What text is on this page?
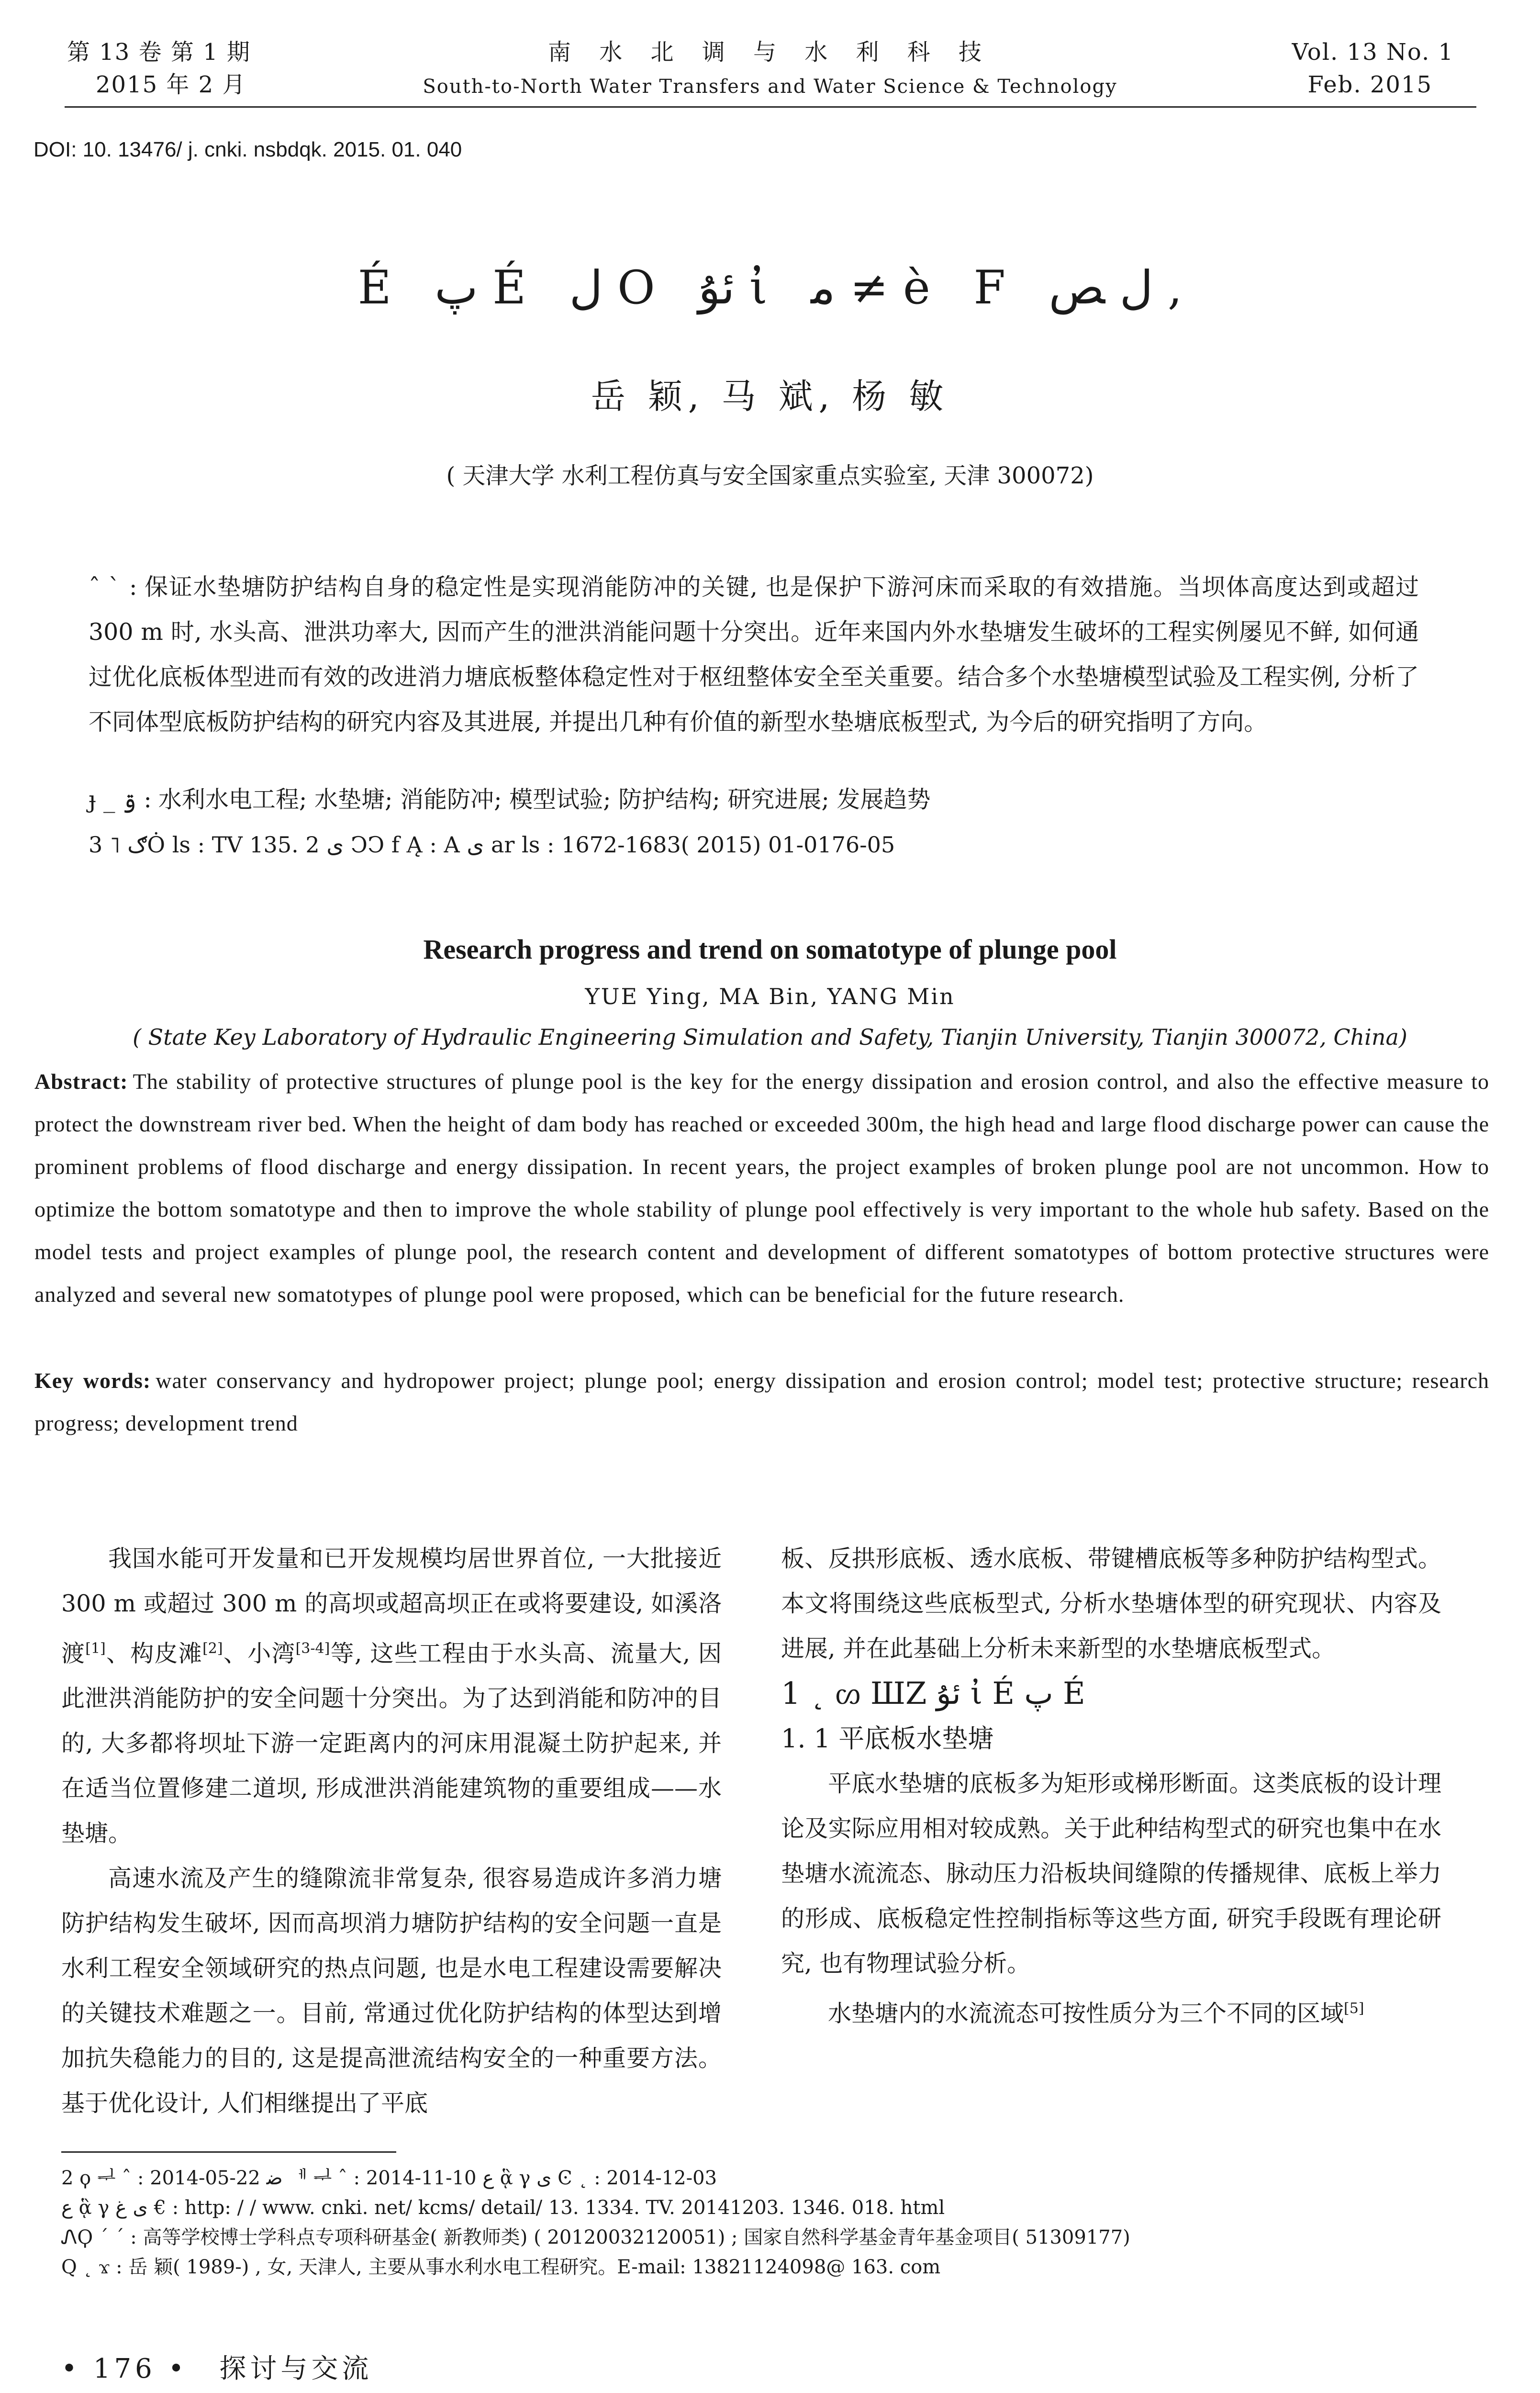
第 13 卷 第 1 期
2015 年 2 月
南 水 北 调 与 水 利 科 技
South-to-North Water Transfers and Water Science & Technology
Vol. 13 No. 1
Feb. 2015
DOI: 10. 13476/ j. cnki. nsbdqk. 2015. 01. 040
É پ É ل O ئۇ ἰ ﻣ ≠ è F ﻝ ﺺ ,
岳 颖, 马 斌, 杨 敏
( 天津大学 水利工程仿真与安全国家重点实验室, 天津 300072)
ˆ ˋ : 保证水垫塘防护结构自身的稳定性是实现消能防冲的关键, 也是保护下游河床而采取的有效措施。当坝体高度达到或超过 300 m 时, 水头高、泄洪功率大, 因而产生的泄洪消能问题十分突出。近年来国内外水垫塘发生破坏的工程实例屡见不鲜, 如何通过优化底板体型进而有效的改进消力塘底板整体稳定性对于枢纽整体安全至关重要。结合多个水垫塘模型试验及工程实例, 分析了不同体型底板防护结构的研究内容及其进展, 并提出几种有价值的新型水垫塘底板型式, 为今后的研究指明了方向。
ɟ _ ۊ : 水利水电工程; 水垫塘; 消能防冲; 模型试验; 防护结构; 研究进展; 发展趋势
3 ˥ ګȮ ls : TV 135. 2 ى ϽϽ f Ą : A ى ar ls : 1672-1683( 2015) 01-0176-05
Research progress and trend on somatotype of plunge pool
YUE Ying, MA Bin, YANG Min
( State Key Laboratory of Hydraulic Engineering Simulation and Safety, Tianjin University, Tianjin 300072, China)
Abstract: The stability of protective structures of plunge pool is the key for the energy dissipation and erosion control, and also the effective measure to protect the downstream river bed. When the height of dam body has reached or exceeded 300m, the high head and large flood discharge power can cause the prominent problems of flood discharge and energy dissipation. In recent years, the project examples of broken plunge pool are not uncommon. How to optimize the bottom somatotype and then to improve the whole stability of plunge pool effectively is very important to the whole hub safety. Based on the model tests and project examples of plunge pool, the research content and development of different somatotypes of bottom protective structures were analyzed and several new somatotypes of plunge pool were proposed, which can be beneficial for the future research.
Key words: water conservancy and hydropower project; plunge pool; energy dissipation and erosion control; model test; protective structure; research progress; development trend

我国水能可开发量和已开发规模均居世界首位, 一大批接近 300 m 或超过 300 m 的高坝或超高坝正在或将要建设, 如溪洛渡[1]、构皮滩[2]、小湾[3-4]等, 这些工程由于水头高、流量大, 因此泄洪消能防护的安全问题十分突出。为了达到消能和防冲的目的, 大多都将坝址下游一定距离内的河床用混凝土防护起来, 并在适当位置修建二道坝, 形成泄洪消能建筑物的重要组成——水垫塘。

高速水流及产生的缝隙流非常复杂, 很容易造成许多消力塘防护结构发生破坏, 因而高坝消力塘防护结构的安全问题一直是水利工程安全领域研究的热点问题, 也是水电工程建设需要解决的关键技术难题之一。目前, 常通过优化防护结构的体型达到增加抗失稳能力的目的, 这是提高泄流结构安全的一种重要方法。基于优化设计, 人们相继提出了平底

板、反拱形底板、透水底板、带键槽底板等多种防护结构型式。本文将围绕这些底板型式, 分析水垫塘体型的研究现状、内容及进展, 并在此基础上分析未来新型的水垫塘底板型式。

1 ˛ ᦠ ШZ ئۇ ἰ É پ É

1. 1 平底板水垫塘

平底水垫塘的底板多为矩形或梯形断面。这类底板的设计理论及实际应用相对较成熟。关于此种结构型式的研究也集中在水垫塘水流流态、脉动压力沿板块间缝隙的传播规律、底板上举力的形成、底板稳定性控制指标等这些方面, 研究手段既有理论研究, 也有物理试验分析。

水垫塘内的水流流态可按性质分为三个不同的区域[5]

2 ϙ ᆗ ˆ : 2014-05-22 ﺿ ᅦ ᆗ ˆ : 2014-11-10 ﻉ ᾃ γ ى Ͼ ˛ : 2014-12-03
ﻉ ᾃ γ ى ﻍ € : http: / / www. cnki. net/ kcms/ detail/ 13. 1334. TV. 20141203. 1346. 018. html
ᏁϘ ˊ ˊ : 高等学校博士学科点专项科研基金( 新教师类) ( 20120032120051) ; 国家自然科学基金青年基金项目( 51309177)
Q ˛ ϫ : 岳 颖( 1989-) , 女, 天津人, 主要从事水利水电工程研究。E-mail: 13821124098@ 163. com
• 176 • 探讨与交流
